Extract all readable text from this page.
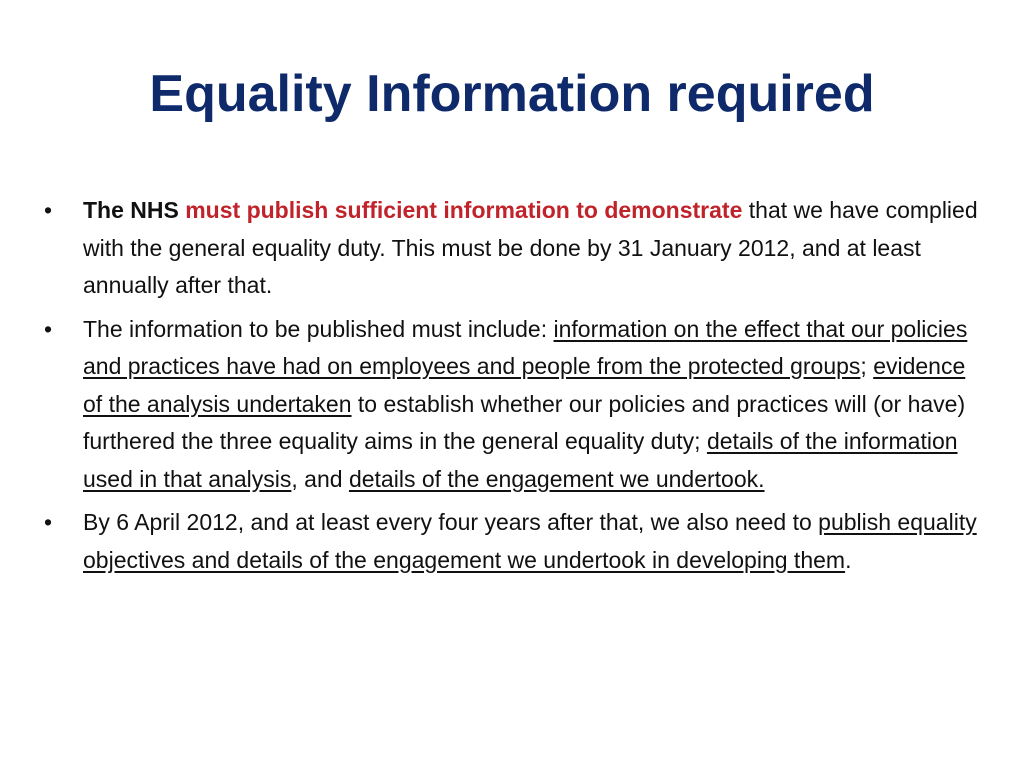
Equality Information required
•	The NHS must publish sufficient information to demonstrate that we have complied with the general equality duty. This must be done by 31 January 2012, and at least annually after that.
•	The information to be published must include: information on the effect that our policies and practices have had on employees and people from the protected groups; evidence of the analysis undertaken to establish whether our policies and practices will (or have) furthered the three equality aims in the general equality duty; details of the information used in that analysis, and details of the engagement we undertook.
•	By 6 April 2012, and at least every four years after that, we also need to publish equality objectives and details of the engagement we undertook in developing them.
